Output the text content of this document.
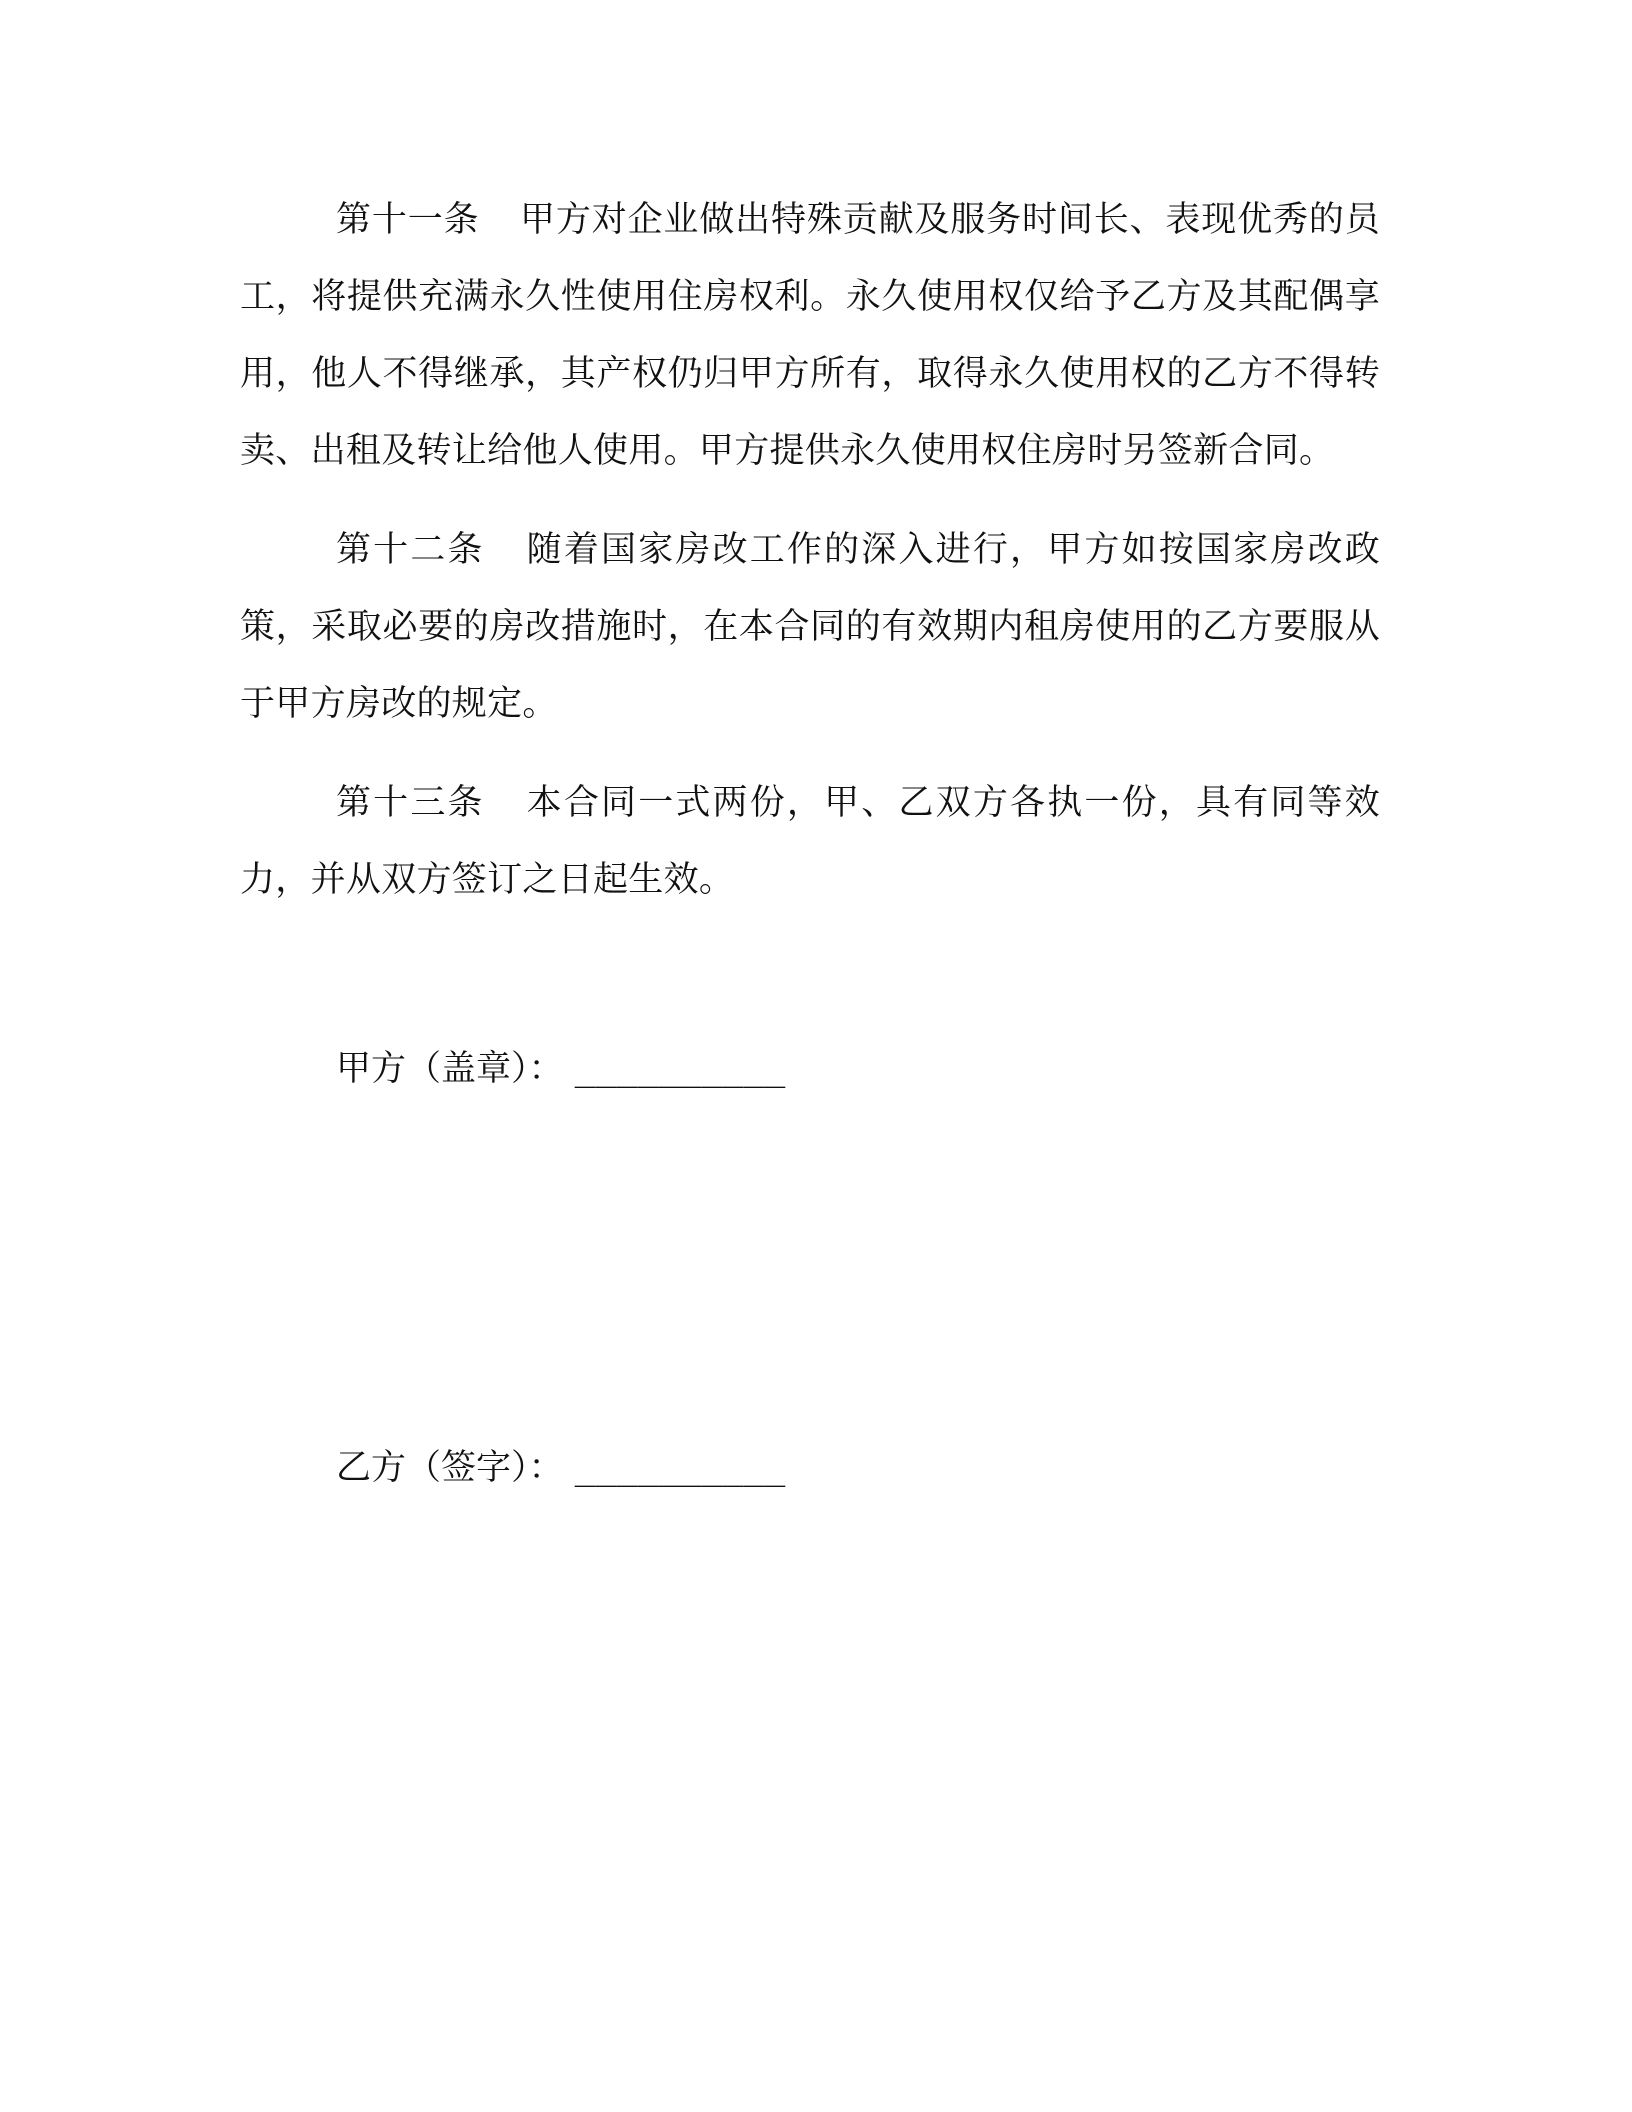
第十一条 甲方对企业做出特殊贡献及服务时间长、表现优秀的员工，将提供充满永久性使用住房权利。永久使用权仅给予乙方及其配偶享用，他人不得继承，其产权仍归甲方所有，取得永久使用权的乙方不得转卖、出租及转让给他人使用。甲方提供永久使用权住房时另签新合同。

第十二条 随着国家房改工作的深入进行，甲方如按国家房改政策，采取必要的房改措施时，在本合同的有效期内租房使用的乙方要服从于甲方房改的规定。

第十三条 本合同一式两份，甲、乙双方各执一份，具有同等效力，并从双方签订之日起生效。

甲方（盖章）： __________
乙方（签字）： __________
